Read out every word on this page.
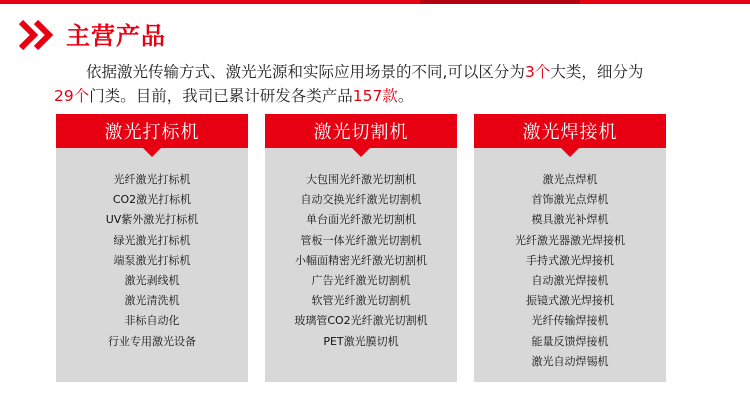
主营产品
依据激光传输方式、激光光源和实际应用场景的不同,可以区分为3个大类，细分为
29个门类。目前，我司已累计研发各类产品157款。
激光打标机
光纤激光打标机
CO2激光打标机
UV紫外激光打标机
绿光激光打标机
端泵激光打标机
激光剥线机
激光清洗机
非标自动化
行业专用激光设备
激光切割机
大包围光纤激光切割机
自动交换光纤激光切割机
单台面光纤激光切割机
管板一体光纤激光切割机
小幅面精密光纤激光切割机
广告光纤激光切割机
软管光纤激光切割机
玻璃管CO2光纤激光切割机
PET激光膜切机
激光焊接机
激光点焊机
首饰激光点焊机
模具激光补焊机
光纤激光器激光焊接机
手持式激光焊接机
自动激光焊接机
振镜式激光焊接机
光纤传输焊接机
能量反馈焊接机
激光自动焊锡机
